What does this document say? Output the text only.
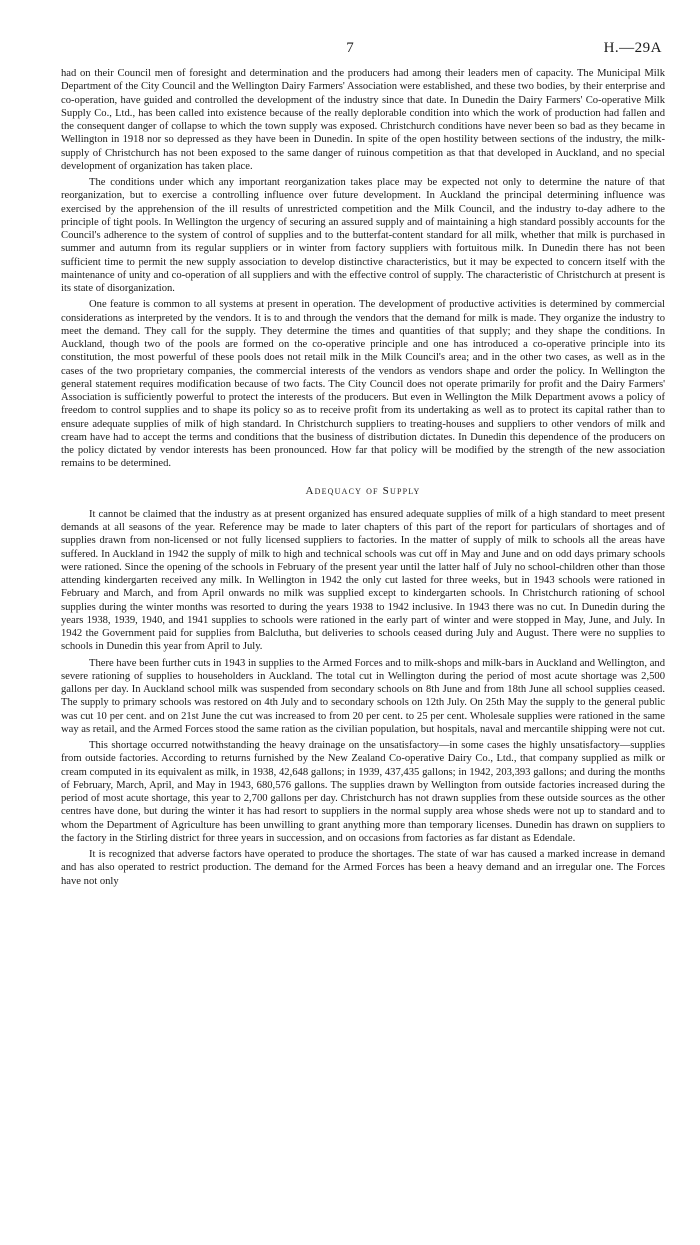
7	H.—29A

had on their Council men of foresight and determination and the producers had among their leaders men of capacity. The Municipal Milk Department of the City Council and the Wellington Dairy Farmers' Association were established, and these two bodies, by their enterprise and co-operation, have guided and controlled the development of the industry since that date. In Dunedin the Dairy Farmers' Co-operative Milk Supply Co., Ltd., has been called into existence because of the really deplorable condition into which the work of production had fallen and the consequent danger of collapse to which the town supply was exposed. Christchurch conditions have never been so bad as they became in Wellington in 1918 nor so depressed as they have been in Dunedin. In spite of the open hostility between sections of the industry, the milk-supply of Christchurch has not been exposed to the same danger of ruinous competition as that that developed in Auckland, and no special development of organization has taken place.

The conditions under which any important reorganization takes place may be expected not only to determine the nature of that reorganization, but to exercise a controlling influence over future development. In Auckland the principal determining influence was exercised by the apprehension of the ill results of unrestricted competition and the Milk Council, and the industry to-day adhere to the principle of tight pools. In Wellington the urgency of securing an assured supply and of maintaining a high standard possibly accounts for the Council's adherence to the system of control of supplies and to the butterfat-content standard for all milk, whether that milk is purchased in summer and autumn from its regular suppliers or in winter from factory suppliers with fortuitous milk. In Dunedin there has not been sufficient time to permit the new supply association to develop distinctive characteristics, but it may be expected to concern itself with the maintenance of unity and co-operation of all suppliers and with the effective control of supply. The characteristic of Christchurch at present is its state of disorganization.

One feature is common to all systems at present in operation. The development of productive activities is determined by commercial considerations as interpreted by the vendors. It is to and through the vendors that the demand for milk is made. They organize the industry to meet the demand. They call for the supply. They determine the times and quantities of that supply; and they shape the conditions. In Auckland, though two of the pools are formed on the co-operative principle and one has introduced a co-operative principle into its constitution, the most powerful of these pools does not retail milk in the Milk Council's area; and in the other two cases, as well as in the cases of the two proprietary companies, the commercial interests of the vendors as vendors shape and order the policy. In Wellington the general statement requires modification because of two facts. The City Council does not operate primarily for profit and the Dairy Farmers' Association is sufficiently powerful to protect the interests of the producers. But even in Wellington the Milk Department avows a policy of freedom to control supplies and to shape its policy so as to receive profit from its undertaking as well as to protect its capital rather than to ensure adequate supplies of milk of high standard. In Christchurch suppliers to treating-houses and suppliers to other vendors of milk and cream have had to accept the terms and conditions that the business of distribution dictates. In Dunedin this dependence of the producers on the policy dictated by vendor interests has been pronounced. How far that policy will be modified by the strength of the new association remains to be determined.

Adequacy of Supply

It cannot be claimed that the industry as at present organized has ensured adequate supplies of milk of a high standard to meet present demands at all seasons of the year. Reference may be made to later chapters of this part of the report for particulars of shortages and of supplies drawn from non-licensed or not fully licensed suppliers to factories. In the matter of supply of milk to schools all the areas have suffered. In Auckland in 1942 the supply of milk to high and technical schools was cut off in May and June and on odd days primary schools were rationed. Since the opening of the schools in February of the present year until the latter half of July no school-children other than those attending kindergarten received any milk. In Wellington in 1942 the only cut lasted for three weeks, but in 1943 schools were rationed in February and March, and from April onwards no milk was supplied except to kindergarten schools. In Christchurch rationing of school supplies during the winter months was resorted to during the years 1938 to 1942 inclusive. In 1943 there was no cut. In Dunedin during the years 1938, 1939, 1940, and 1941 supplies to schools were rationed in the early part of winter and were stopped in May, June, and July. In 1942 the Government paid for supplies from Balclutha, but deliveries to schools ceased during July and August. There were no supplies to schools in Dunedin this year from April to July.

There have been further cuts in 1943 in supplies to the Armed Forces and to milk-shops and milk-bars in Auckland and Wellington, and severe rationing of supplies to householders in Auckland. The total cut in Wellington during the period of most acute shortage was 2,500 gallons per day. In Auckland school milk was suspended from secondary schools on 8th June and from 18th June all school supplies ceased. The supply to primary schools was restored on 4th July and to secondary schools on 12th July. On 25th May the supply to the general public was cut 10 per cent. and on 21st June the cut was increased to from 20 per cent. to 25 per cent. Wholesale supplies were rationed in the same way as retail, and the Armed Forces stood the same ration as the civilian population, but hospitals, naval and mercantile shipping were not cut.

This shortage occurred notwithstanding the heavy drainage on the unsatisfactory—in some cases the highly unsatisfactory—supplies from outside factories. According to returns furnished by the New Zealand Co-operative Dairy Co., Ltd., that company supplied as milk or cream computed in its equivalent as milk, in 1938, 42,648 gallons; in 1939, 437,435 gallons; in 1942, 203,393 gallons; and during the months of February, March, April, and May in 1943, 680,576 gallons. The supplies drawn by Wellington from outside factories increased during the period of most acute shortage, this year to 2,700 gallons per day. Christchurch has not drawn supplies from these outside sources as the other centres have done, but during the winter it has had resort to suppliers in the normal supply area whose sheds were not up to standard and to whom the Department of Agriculture has been unwilling to grant anything more than temporary licenses. Dunedin has drawn on suppliers to the factory in the Stirling district for three years in succession, and on occasions from factories as far distant as Edendale.

It is recognized that adverse factors have operated to produce the shortages. The state of war has caused a marked increase in demand and has also operated to restrict production. The demand for the Armed Forces has been a heavy demand and an irregular one. The Forces have not only
